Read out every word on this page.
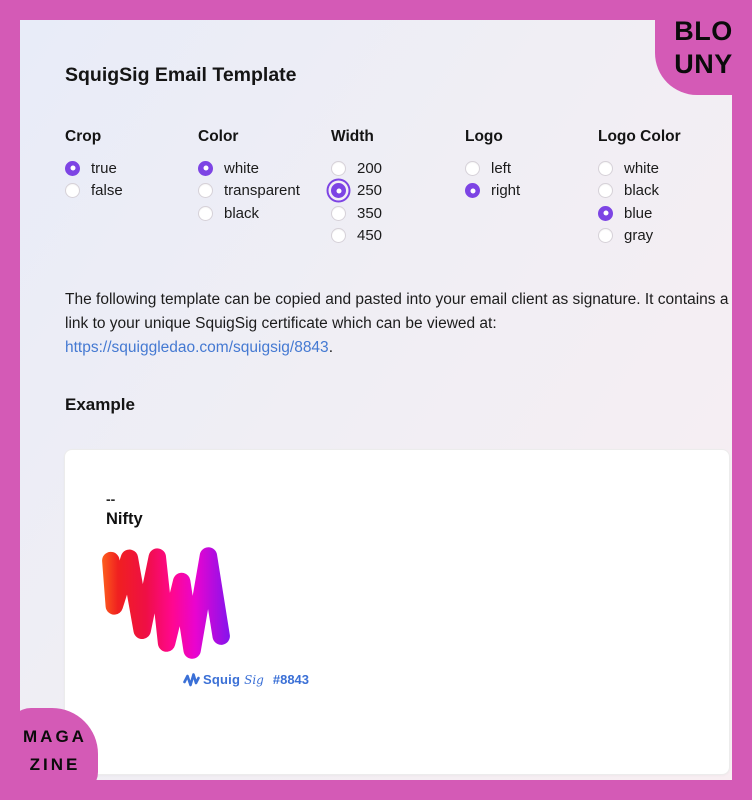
SquigSig Email Template
Crop
true
false
Color
white
transparent
black
Width
200
250
350
450
Logo
left
right
Logo Color
white
black
blue
gray

The following template can be copied and pasted into your email client as signature. It contains a link to your unique SquigSig certificate which can be viewed at: https://squiggledao.com/squigsig/8843.

Example
--
Nifty
Squig Sig #8843
BLO
UNY
MAGA
ZINE
